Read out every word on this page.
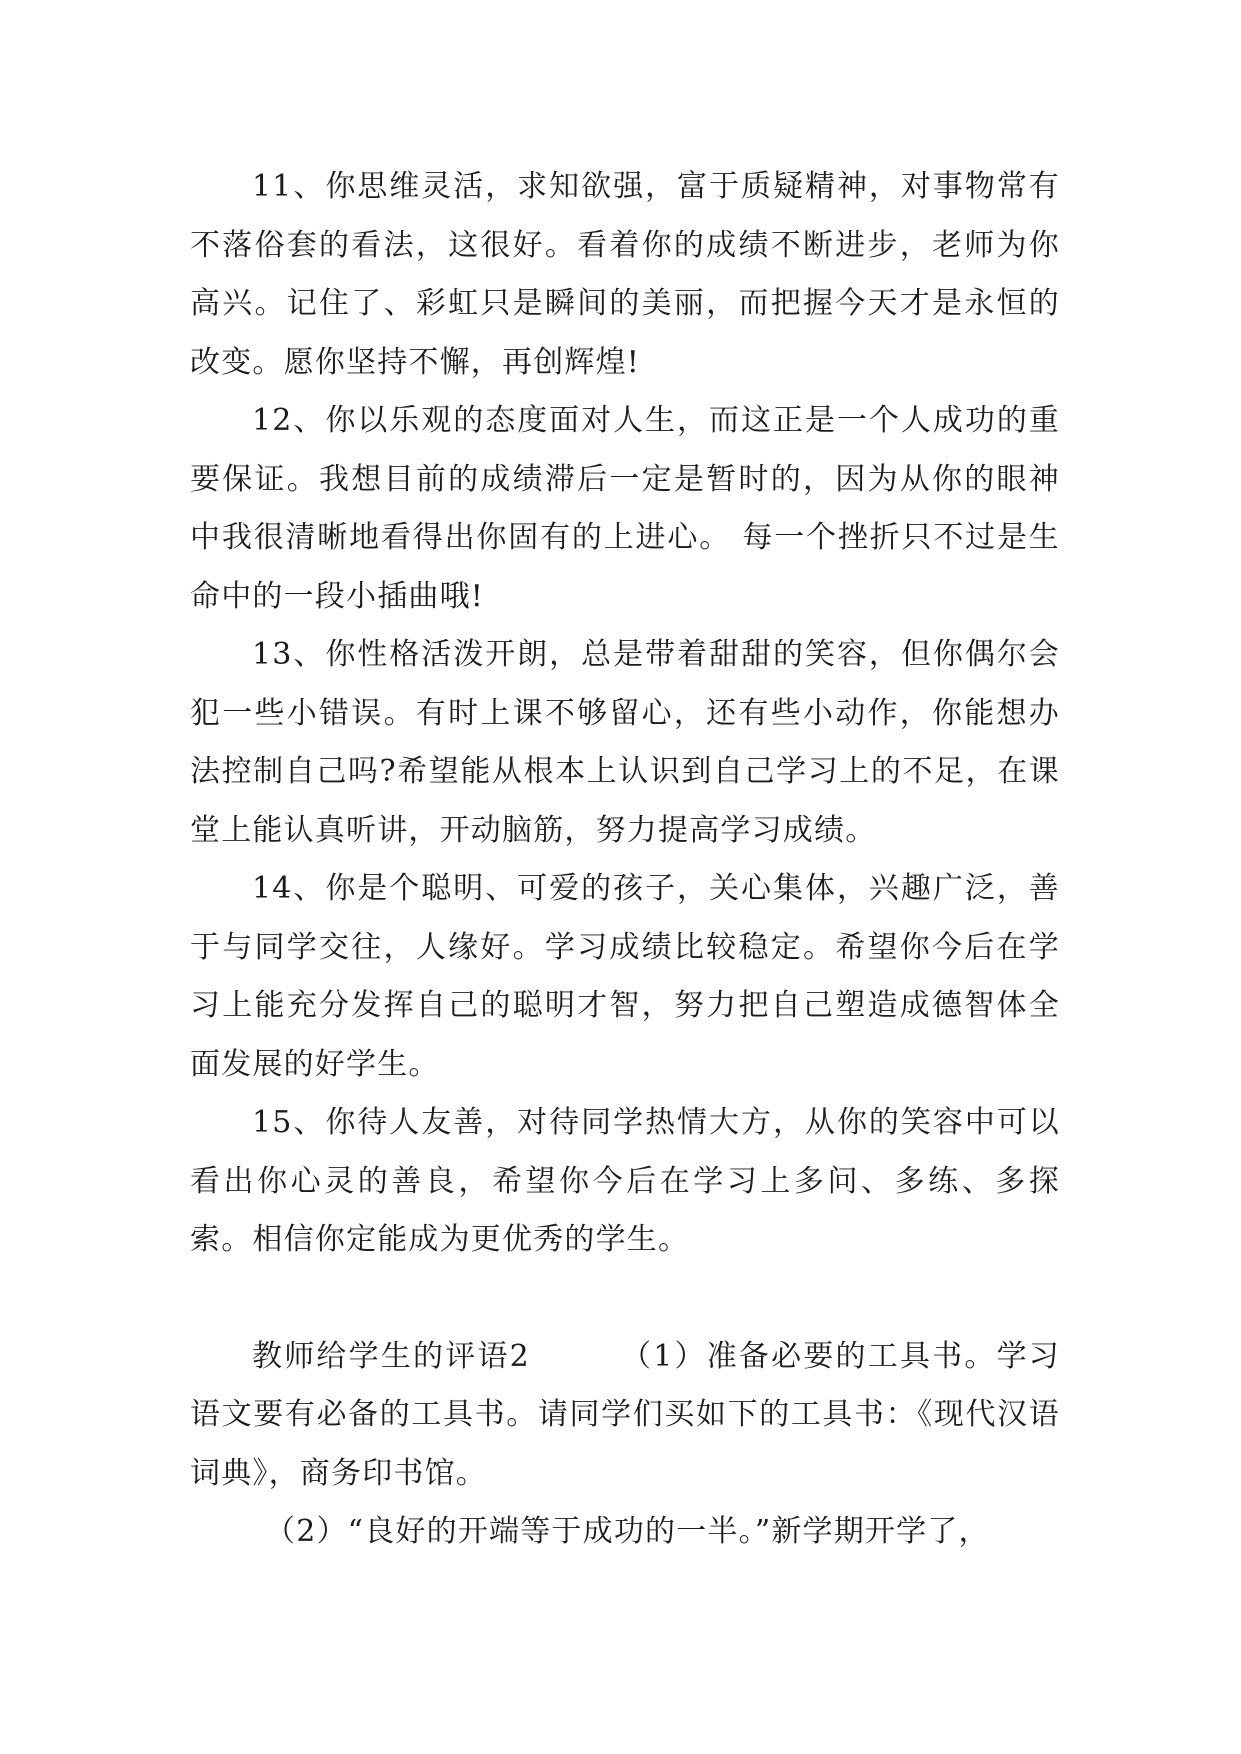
11、你思维灵活，求知欲强，富于质疑精神，对事物常有不落俗套的看法，这很好。看着你的成绩不断进步，老师为你高兴。记住了、彩虹只是瞬间的美丽，而把握今天才是永恒的改变。愿你坚持不懈，再创辉煌!

12、你以乐观的态度面对人生，而这正是一个人成功的重要保证。我想目前的成绩滞后一定是暂时的，因为从你的眼神中我很清晰地看得出你固有的上进心。 每一个挫折只不过是生命中的一段小插曲哦!

13、你性格活泼开朗，总是带着甜甜的笑容，但你偶尔会犯一些小错误。有时上课不够留心，还有些小动作，你能想办法控制自己吗?希望能从根本上认识到自己学习上的不足，在课堂上能认真听讲，开动脑筋，努力提高学习成绩。

14、你是个聪明、可爱的孩子，关心集体，兴趣广泛，善于与同学交往，人缘好。学习成绩比较稳定。希望你今后在学习上能充分发挥自己的聪明才智，努力把自己塑造成德智体全面发展的好学生。

15、你待人友善，对待同学热情大方，从你的笑容中可以看出你心灵的善良，希望你今后在学习上多问、多练、多探索。相信你定能成为更优秀的学生。

教师给学生的评语2	（1）准备必要的工具书。学习语文要有必备的工具书。请同学们买如下的工具书：《现代汉语词典》，商务印书馆。

（2）“良好的开端等于成功的一半。”新学期开学了，
